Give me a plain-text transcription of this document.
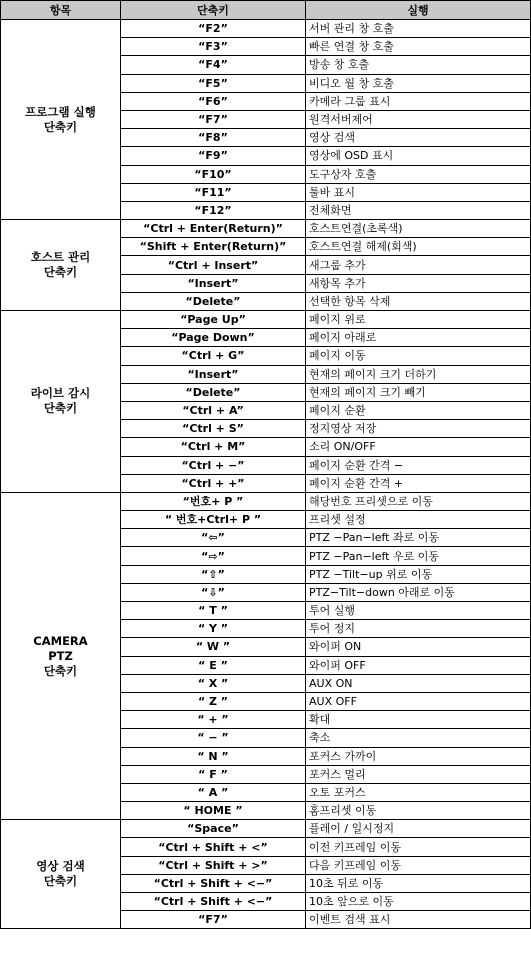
항목	단축키	실행

프로그램 실행
단축키	“F2”	서버 관리 창 호출
	“F3”	빠른 연결 창 호출
	“F4”	방송 창 호출
	“F5”	비디오 월 창 호출
	“F6”	카메라 그룹 표시
	“F7”	원격서버제어
	“F8”	영상 검색
	“F9”	영상에 OSD 표시
	“F10”	도구상자 호출
	“F11”	툴바 표시
	“F12”	전체화면

호스트 관리
단축키	“Ctrl + Enter(Return)”	호스트연결(초록색)
	“Shift + Enter(Return)”	호스트연결 해제(회색)
	“Ctrl + Insert”	새그룹 추가
	“Insert”	새항목 추가
	“Delete”	선택한 항목 삭제

라이브 감시
단축키	“Page Up”	페이지 위로
	“Page Down”	페이지 아래로
	“Ctrl + G”	페이지 이동
	“Insert”	현재의 페이지 크기 더하기
	“Delete”	현재의 페이지 크기 빼기
	“Ctrl + A”	페이지 순환
	“Ctrl + S”	정지영상 저장
	“Ctrl + M”	소리 ON/OFF
	“Ctrl + −”	페이지 순환 간격 −
	“Ctrl + +”	페이지 순환 간격 +

CAMERA
PTZ
단축키	“번호+ P ”	해당번호 프리셋으로 이동
	“ 번호+Ctrl+ P ”	프리셋 설정
	“⇦”	PTZ −Pan−left 좌로 이동
	“⇨”	PTZ −Pan−left 우로 이동
	“⇧”	PTZ −Tilt−up 위로 이동
	“⇩”	PTZ−Tilt−down 아래로 이동
	“ T ”	투어 실행
	“ Y ”	투어 정지
	“ W ”	와이퍼 ON
	“ E ”	와이퍼 OFF
	“ X ”	AUX ON
	“ Z ”	AUX OFF
	“ + ”	확대
	“ − ”	축소
	“ N ”	포커스 가까이
	“ F ”	포커스 멀리
	“ A ”	오토 포커스
	“ HOME ”	홈프리셋 이동

영상 검색
단축키	“Space”	플레이 / 일시정지
	“Ctrl + Shift + <”	이전 키프레임 이동
	“Ctrl + Shift + >”	다음 키프레임 이동
	“Ctrl + Shift + <−”	10초 뒤로 이동
	“Ctrl + Shift + <−”	10초 앞으로 이동
	“F7”	이벤트 검색 표시
